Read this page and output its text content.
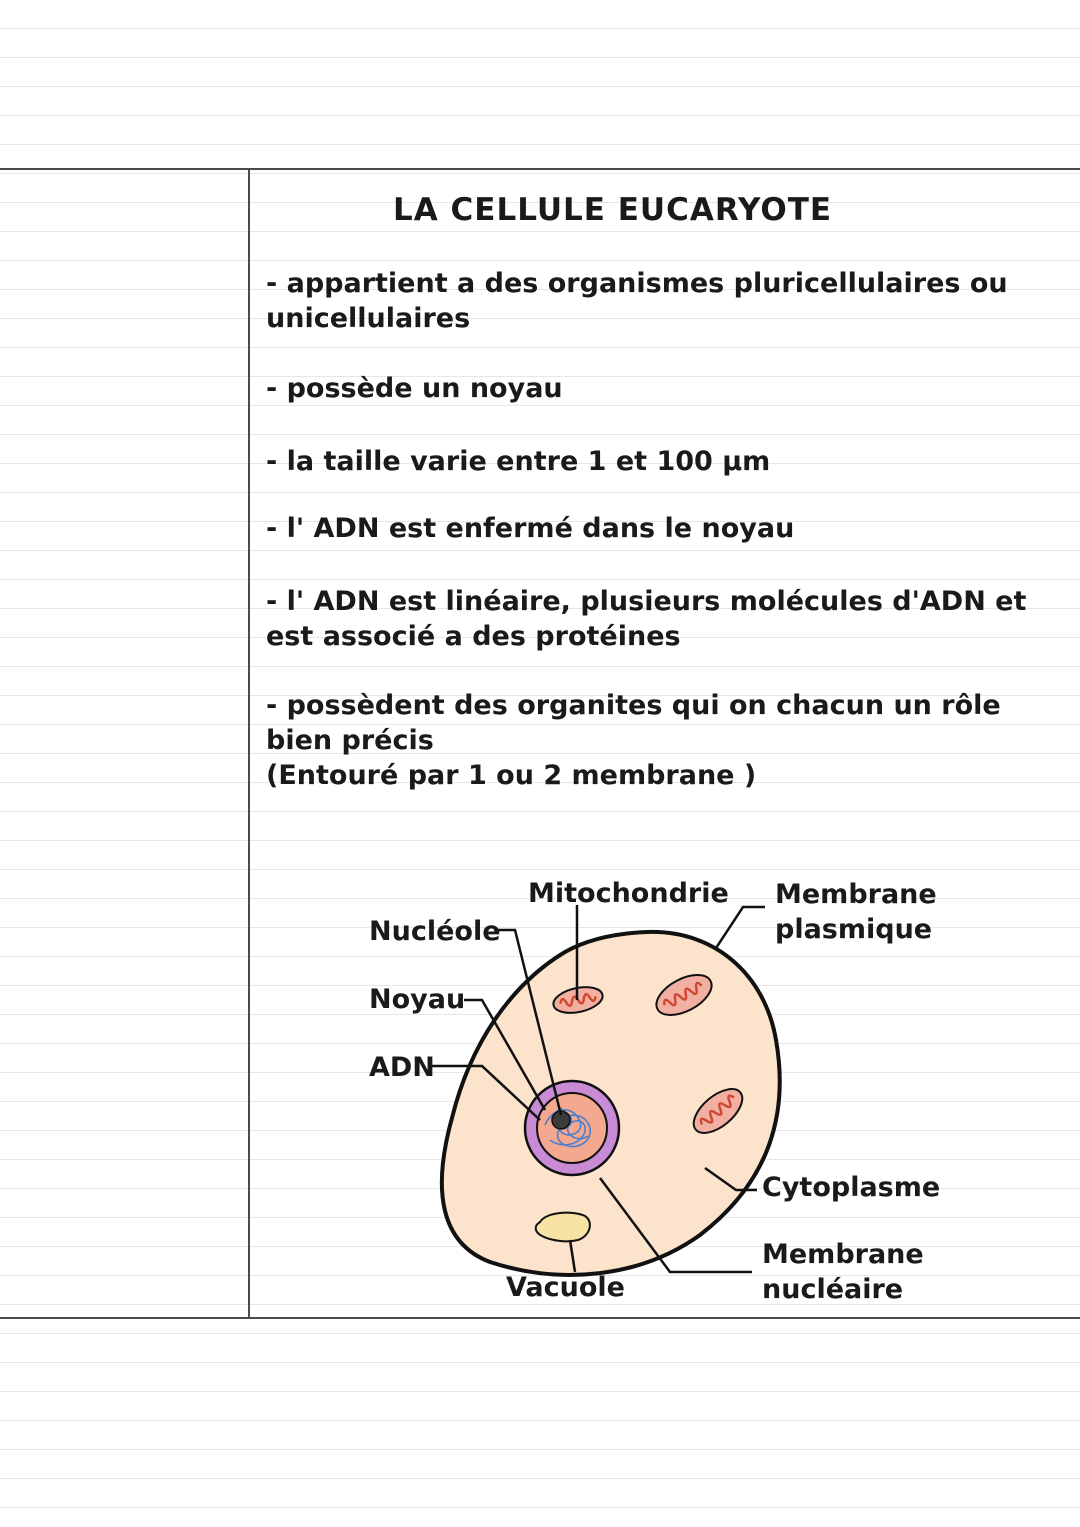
LA CELLULE EUCARYOTE
- appartient a des organismes pluricellulaires ou
unicellulaires
- possède un noyau
- la taille varie entre 1 et 100 µm
- l' ADN est enfermé dans le noyau
- l' ADN est linéaire, plusieurs molécules d'ADN et
est associé a des protéines
- possèdent des organites qui on chacun un rôle
bien précis
(Entouré par 1 ou 2 membrane )
Nucléole
Noyau
ADN
Mitochondrie Membrane
plasmique
Cytoplasme
Membrane
nucléaire
Vacuole
